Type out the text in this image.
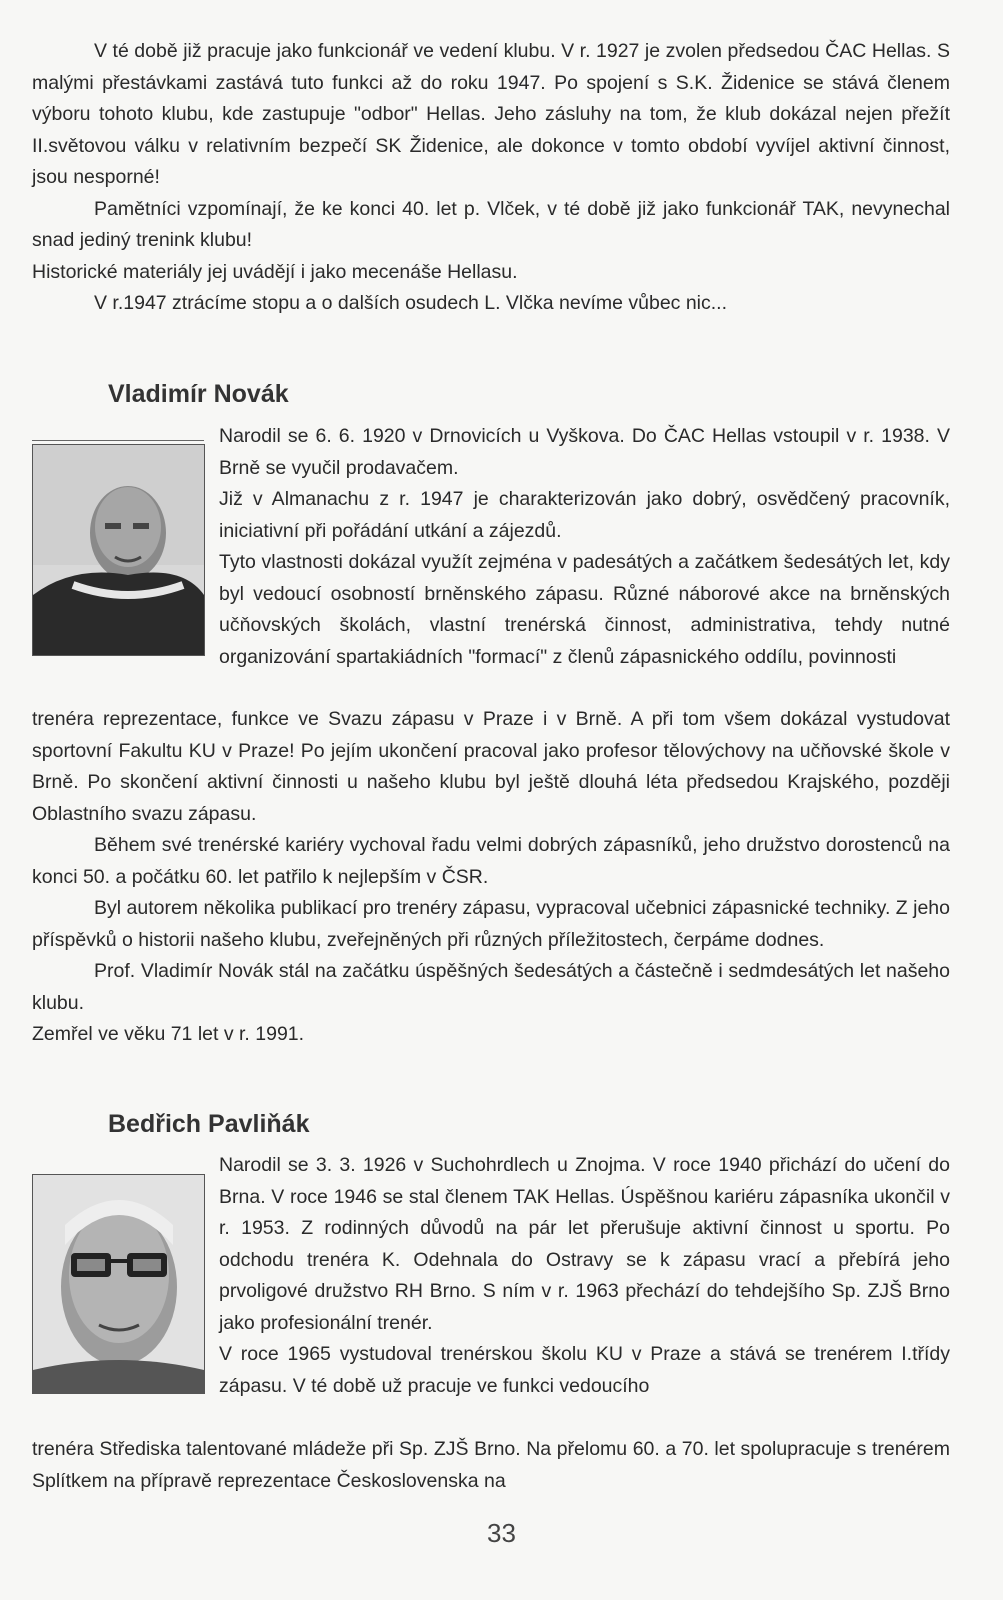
V té době již pracuje jako funkcionář ve vedení klubu. V r. 1927 je zvolen předsedou ČAC Hellas. S malými přestávkami zastává tuto funkci až do roku 1947. Po spojení s S.K. Židenice se stává členem výboru tohoto klubu, kde zastupuje "odbor" Hellas. Jeho zásluhy na tom, že klub dokázal nejen přežít II.světovou válku v relativním bezpečí SK Židenice, ale dokonce v tomto období vyvíjel aktivní činnost, jsou nesporné!

Pamětníci vzpomínají, že ke konci 40. let p. Vlček, v té době již jako funkcionář TAK, nevynechal snad jediný trenink klubu!

Historické materiály jej uvádějí i jako mecenáše Hellasu.

V r.1947 ztrácíme stopu a o dalších osudech L. Vlčka nevíme vůbec nic...

Vladimír Novák

Narodil se 6. 6. 1920 v Drnovicích u Vyškova. Do ČAC Hellas vstoupil v r. 1938. V Brně se vyučil prodavačem.

Již v Almanachu z r. 1947 je charakterizován jako dobrý, osvědčený pracovník, iniciativní při pořádání utkání a zájezdů.

Tyto vlastnosti dokázal využít zejména v padesátých a začátkem šedesátých let, kdy byl vedoucí osobností brněnského zápasu. Různé náborové akce na brněnských učňovských školách, vlastní trenérská činnost, administrativa, tehdy nutné organizování spartakiádních "formací" z členů zápasnického oddílu, povinnosti

trenéra reprezentace, funkce ve Svazu zápasu v Praze i v Brně. A při tom všem dokázal vystudovat sportovní Fakultu KU v Praze! Po jejím ukončení pracoval jako profesor tělovýchovy na učňovské škole v Brně. Po skončení aktivní činnosti u našeho klubu byl ještě dlouhá léta předsedou Krajského, později Oblastního svazu zápasu.

Během své trenérské kariéry vychoval řadu velmi dobrých zápasníků, jeho družstvo dorostenců na konci 50. a počátku 60. let patřilo k nejlepším v ČSR.

Byl autorem několika publikací pro trenéry zápasu, vypracoval učebnici zápasnické techniky. Z jeho příspěvků o historii našeho klubu, zveřejněných při různých příležitostech, čerpáme dodnes.

Prof. Vladimír Novák stál na začátku úspěšných šedesátých a částečně i sedmdesátých let našeho klubu.

Zemřel ve věku 71 let v r. 1991.

Bedřich Pavliňák

Narodil se 3. 3. 1926 v Suchohrdlech u Znojma. V roce 1940 přichází do učení do Brna. V roce 1946 se stal členem TAK Hellas. Úspěšnou kariéru zápasníka ukončil v r. 1953. Z rodinných důvodů na pár let přerušuje aktivní činnost u sportu. Po odchodu trenéra K. Odehnala do Ostravy se k zápasu vrací a přebírá jeho prvoligové družstvo RH Brno. S ním v r. 1963 přechází do tehdejšího Sp. ZJŠ Brno jako profesionální trenér.

V roce 1965 vystudoval trenérskou školu KU v Praze a stává se trenérem I.třídy zápasu. V té době už pracuje ve funkci vedoucího

trenéra Střediska talentované mládeže při Sp. ZJŠ Brno. Na přelomu 60. a 70. let spolupracuje s trenérem Splítkem na přípravě reprezentace Československa na

33
